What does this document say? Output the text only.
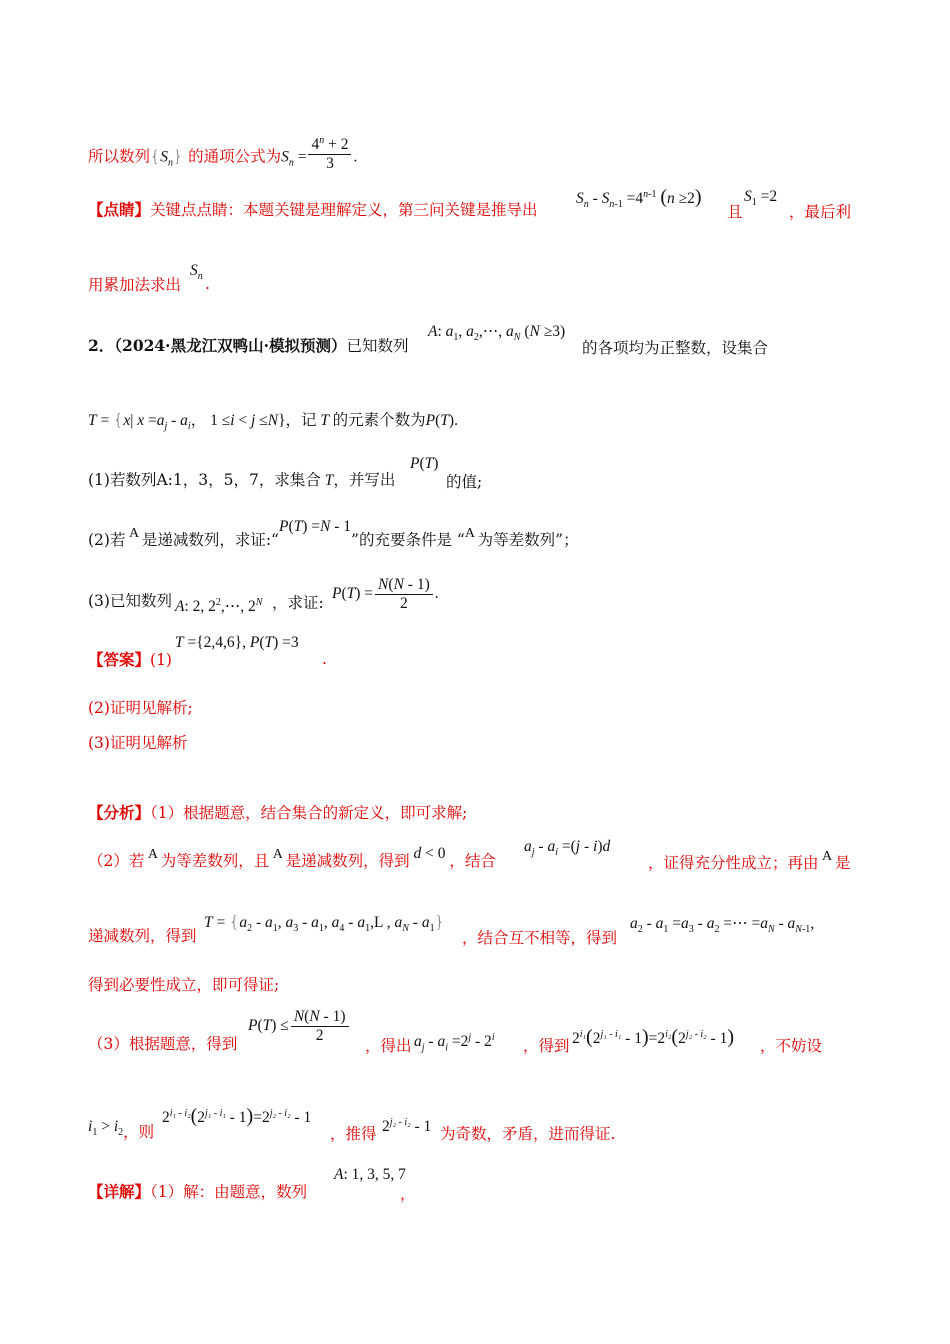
所以数列$\{S_n\}$ 的通项公式为$S_n = \frac{4^n + 2}{3}$ .
【点睛】关键点点睛：本题关键是理解定义，第三问关键是推导出
$S_n - S_{n-1} =4^{n-1}$ (n ≥2)
且
$S_1 =2$
，最后利
用累加法求出
$S_n$ .
2．（2024·黑龙江双鸭山·模拟预测）已知数列
A: $a_1$, $a_2,\cdots$, $a_N$ (N ≥3)
的各项均为正整数，设集合
T = {x| $x =a_j - a_i$， 1 ≤i < j ≤N}，记 T 的元素个数为P(T).
(1)若数列A:1，3，5，7，求集合 T，并写出
P(T)
的值;
(2)若 A 是递减数列，求证:“P(T) =N - 1”的充要条件是 “A 为等差数列”；
(3)已知数列 A: 2, $2^2,\cdots$, $2^N$ ，求证:
$P(T) = \frac{N(N - 1)}{2}$ .
【答案】(1)
T ={2,4,6}, P(T) =3
.
(2)证明见解析;
(3)证明见解析
【分析】（1）根据题意，结合集合的新定义，即可求解;
（2）若 A 为等差数列，且 A 是递减数列，得到 d < 0 ，结合
$a_j - a_i =(j - i)d$
，证得充分性成立；再由 A 是
递减数列，得到
$T = \{a_2 - a_1$, $a_3 - a_1$, $a_4 - a_1,L$ , $a_N - a_1$}
，结合互不相等，得到
$a_2 - a_1 =a_3 - a_2$ =⋯ $=a_N - a_{N-1}$,
得到必要性成立，即可得证;
（3）根据题意，得到
$P(T) \le \frac{N(N - 1)}{2}$
，得出 $a_j - a_i =2^j - 2^i$ ，得到 $2^{i_1}(2^{j_1 - i_1} - 1)=2^{i_2}(2^{j_2 - i_2} - 1)$ ，不妨设
$i_1 > i_2$，则
$2^{i_1 - i_2}(2^{j_1 - i_1} - 1)=2^{j_2 - i_2} - 1$
，推得 $2^{j_2 - i_2} - 1$ 为奇数，矛盾，进而得证.
【详解】（1）解：由题意，数列
A: 1, 3, 5, 7
，
